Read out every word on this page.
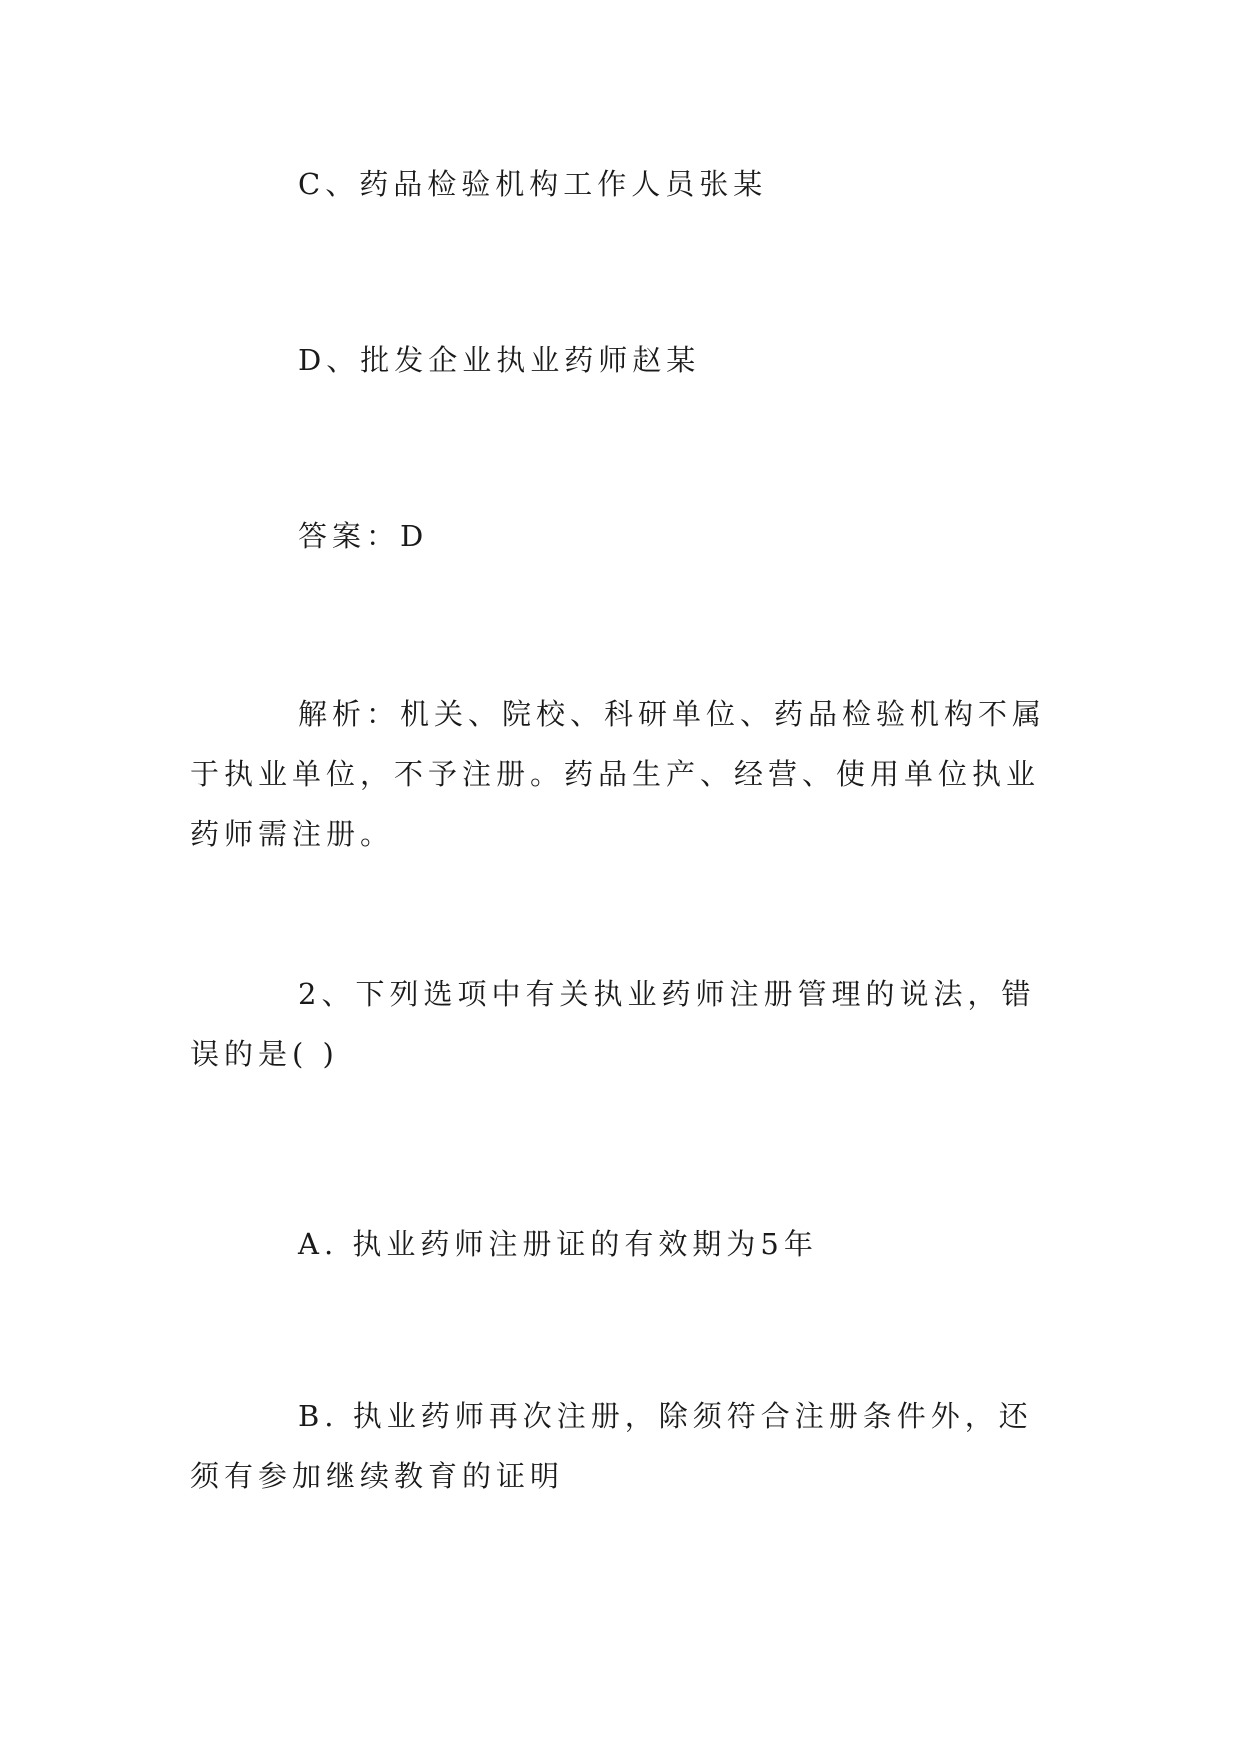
C、药品检验机构工作人员张某

D、批发企业执业药师赵某

答案：D

解析：机关、院校、科研单位、药品检验机构不属于执业单位，不予注册。药品生产、经营、使用单位执业药师需注册。

2、下列选项中有关执业药师注册管理的说法，错误的是( )

A. 执业药师注册证的有效期为5年

B. 执业药师再次注册，除须符合注册条件外，还须有参加继续教育的证明
